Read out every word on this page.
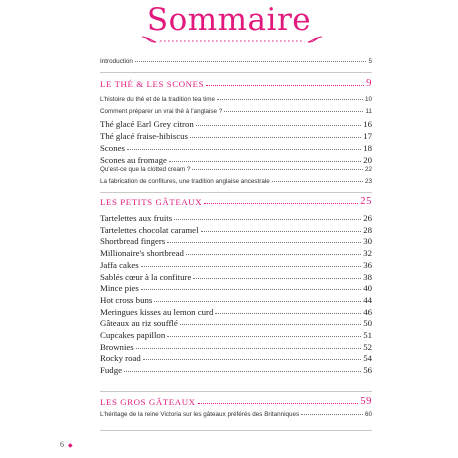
Sommaire
Introduction	5
LE THÉ & LES SCONES	9
L'histoire du thé et de la tradition tea time	10
Comment préparer un vrai thé à l'anglaise ?	11
Thé glacé Earl Grey citron	16
Thé glacé fraise-hibiscus	17
Scones	18
Scones au fromage	20
Qu'est-ce que la clotted cream ?	22
La fabrication de confitures, une tradition anglaise ancestrale	23
LES PETITS GÂTEAUX	25
Tartelettes aux fruits	26
Tartelettes chocolat caramel	28
Shortbread fingers	30
Millionaire's shortbread	32
Jaffa cakes	36
Sablés cœur à la confiture	38
Mince pies	40
Hot cross buns	44
Meringues kisses au lemon curd	46
Gâteaux au riz soufflé	50
Cupcakes papillon	51
Brownies	52
Rocky road	54
Fudge	56
LES GROS GÂTEAUX	59
L'héritage de la reine Victoria sur les gâteaux préférés des Britanniques	60
6 ◆
